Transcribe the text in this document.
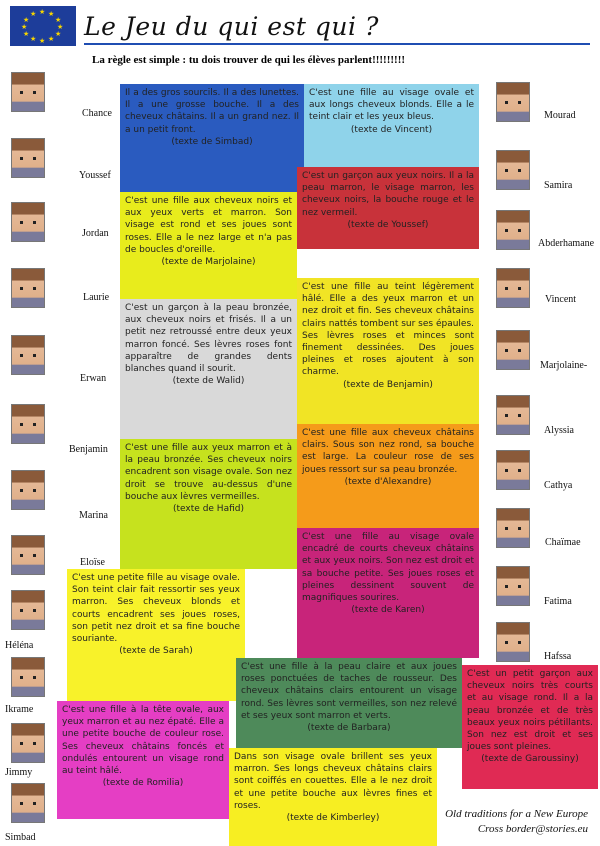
★ ★
★
★
★
★
★
★
★
★
★
★ Le Jeu du qui est qui ?
La règle est simple : tu dois trouver de qui les élèves parlent!!!!!!!!!
Chance
Youssef
Jordan
Laurie
Erwan
Benjamin
Marina
Eloïse
Héléna
Ikrame
Jimmy
Simbad
Mourad
Samira
Abderhamane
Vincent
Marjolaine-
Alyssia
Cathya
Chaïmae
Fatima
Hafssa
Il a des gros sourcils. Il a des lunettes. Il a une grosse bouche. Il a des cheveux châtains. Il a un grand nez. Il a un petit front.
(texte de Simbad)
C'est une fille au visage ovale et aux longs cheveux blonds. Elle a le teint clair et les yeux bleus.
(texte de Vincent)
C'est un garçon aux yeux noirs. Il a la peau marron, le visage marron, les cheveux noirs, la bouche rouge et le nez vermeil.
(texte de Youssef)
C'est une fille aux cheveux noirs et aux yeux verts et marron. Son visage est rond et ses joues sont roses. Elle a le nez large et n'a pas de boucles d'oreille.
(texte de Marjolaine)
C'est une fille au teint légèrement hâlé. Elle a des yeux marron et un nez droit et fin. Ses cheveux châtains clairs nattés tombent sur ses épaules. Ses lèvres roses et minces sont finement dessinées. Des joues pleines et roses ajoutent à son charme.
(texte de Benjamin)
C'est un garçon à la peau bronzée, aux cheveux noirs et frisés. Il a un petit nez retroussé entre deux yeux marron foncé. Ses lèvres roses font apparaître de grandes dents blanches quand il sourit.
(texte de Walid)
C'est une fille aux cheveux châtains clairs. Sous son nez rond, sa bouche est large. La couleur rose de ses joues ressort sur sa peau bronzée.
(texte d'Alexandre)
C'est une fille aux yeux marron et à la peau bronzée. Ses cheveux noirs encadrent son visage ovale. Son nez droit se trouve au-dessus d'une bouche aux lèvres vermeilles.
(texte de Hafid)
C'est une fille au visage ovale encadré de courts cheveux châtains et aux yeux noirs. Son nez est droit et sa bouche petite. Ses joues roses et pleines dessinent souvent de magnifiques sourires.
(texte de Karen)
C'est une petite fille au visage ovale. Son teint clair fait ressortir ses yeux marron. Ses cheveux blonds et courts encadrent ses joues roses, son petit nez droit et sa fine bouche souriante.
(texte de Sarah)
C'est une fille à la peau claire et aux joues roses ponctuées de taches de rousseur. Des cheveux châtains clairs entourent un visage rond. Ses lèvres sont vermeilles, son nez relevé et ses yeux sont marron et verts.
(texte de Barbara)
C'est un petit garçon aux cheveux noirs très courts et au visage rond. Il a la peau bronzée et de très beaux yeux noirs pétillants. Son nez est droit et ses joues sont pleines.
(texte de Garoussiny)
C'est une fille à la tête ovale, aux yeux marron et au nez épaté. Elle a une petite bouche de couleur rose. Ses cheveux châtains foncés et ondulés entourent un visage rond au teint hâlé.
(texte de Romilia)
Dans son visage ovale brillent ses yeux marron. Ses longs cheveux châtains clairs sont coiffés en couettes. Elle a le nez droit et une petite bouche aux lèvres fines et roses.
(texte de Kimberley)	Old traditions for a New Europe
Cross border@stories.eu
